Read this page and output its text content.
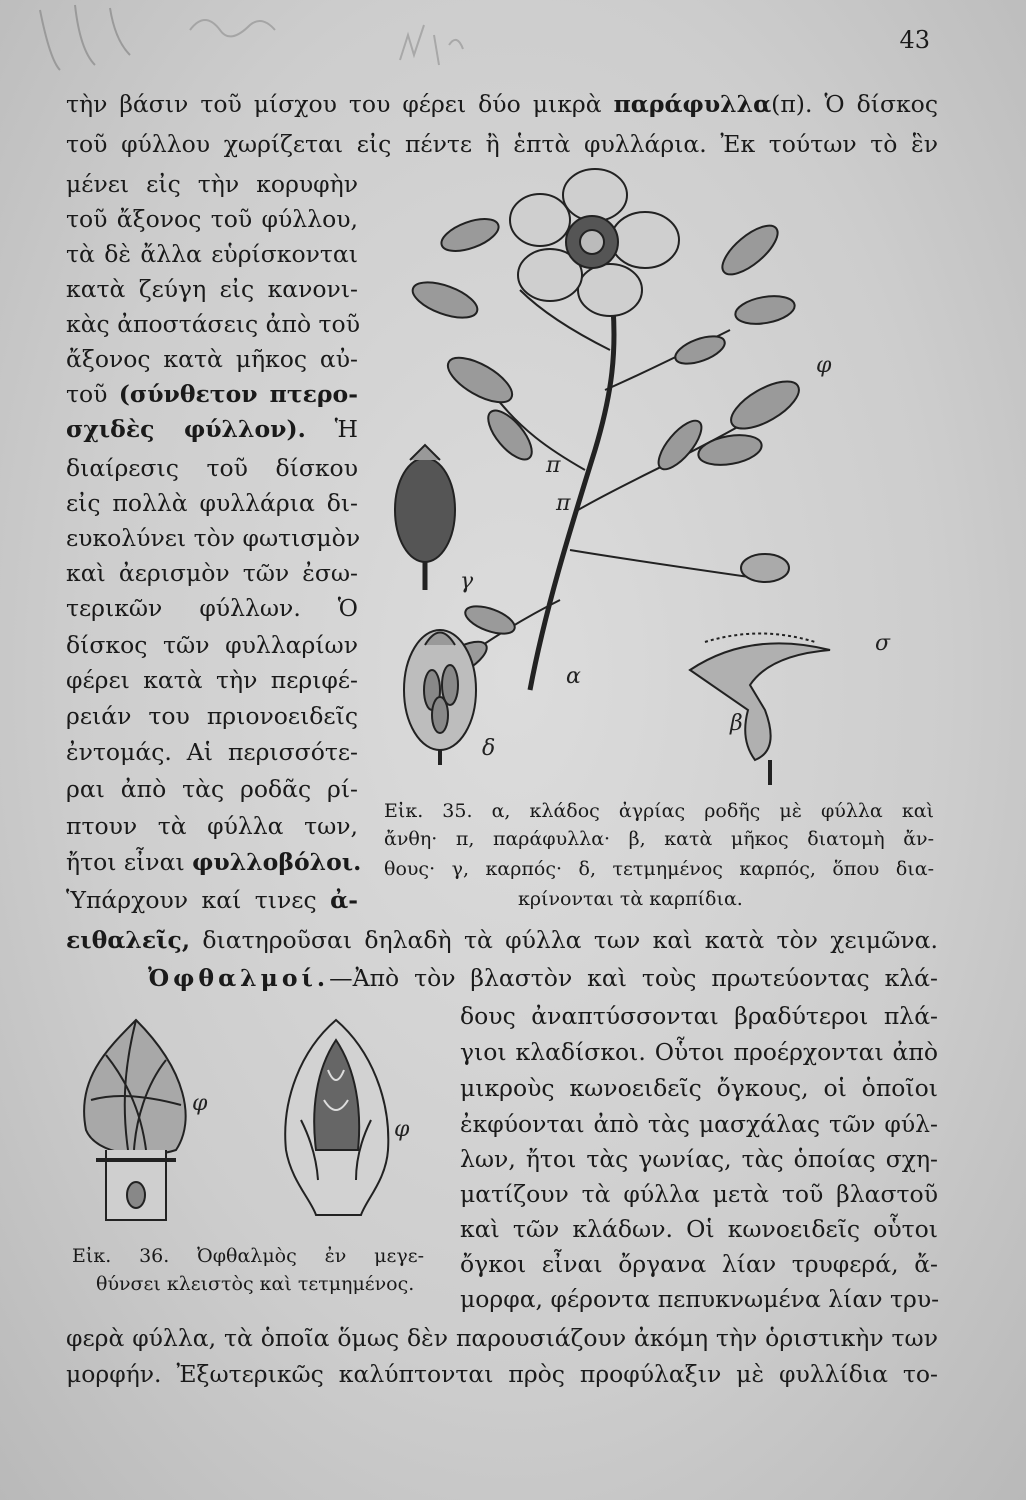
43
τὴν βάσιν τοῦ μίσχου του φέρει δύο μικρὰ παράφυλλα(π). Ὁ δίσκος
τοῦ φύλλου χωρίζεται εἰς πέντε ἢ ἑπτὰ φυλλάρια. Ἐκ τούτων τὸ ἓν
μένει εἰς τὴν κορυφὴν
τοῦ ἄξονος τοῦ φύλλου,
τὰ δὲ ἄλλα εὑρίσκονται
κατὰ ζεύγη εἰς κανονι-
κὰς ἀποστάσεις ἀπὸ τοῦ
ἄξονος κατὰ μῆκος αὐ-
τοῦ (σύνθετον πτερο-
σχιδὲς φύλλον). Ἡ
διαίρεσις τοῦ δίσκου
εἰς πολλὰ φυλλάρια δι-
ευκολύνει τὸν φωτισμὸν
καὶ ἀερισμὸν τῶν ἐσω-
τερικῶν φύλλων. Ὁ
δίσκος τῶν φυλλαρίων
φέρει κατὰ τὴν περιφέ-
ρειάν του πριονοειδεῖς
ἐντομάς. Αἱ περισσότε-
ραι ἀπὸ τὰς ροδᾶς ρί-
πτουν τὰ φύλλα των,
ἤτοι εἶναι φυλλοβόλοι.
Ὑπάρχουν καί τινες ἀ-
φ
π
π
α
β
γ
δ
σ
Εἰκ. 35. α, κλάδος ἀγρίας ροδῆς μὲ φύλλα καὶ
ἄνθη· π, παράφυλλα· β, κατὰ μῆκος διατομὴ ἄν-
θους· γ, καρπός· δ, τετμημένος καρπός, ὅπου δια-
κρίνονται τὰ καρπίδια.
ειθαλεῖς, διατηροῦσαι δηλαδὴ τὰ φύλλα των καὶ κατὰ τὸν χειμῶνα.
Ὀφθαλμοί.—Ἀπὸ τὸν βλαστὸν καὶ τοὺς πρωτεύοντας κλά-
δους ἀναπτύσσονται βραδύτεροι πλά-
γιοι κλαδίσκοι. Οὗτοι προέρχονται ἀπὸ
μικροὺς κωνοειδεῖς ὄγκους, οἱ ὁποῖοι
ἐκφύονται ἀπὸ τὰς μασχάλας τῶν φύλ-
λων, ἤτοι τὰς γωνίας, τὰς ὁποίας σχη-
ματίζουν τὰ φύλλα μετὰ τοῦ βλαστοῦ
καὶ τῶν κλάδων. Οἱ κωνοειδεῖς οὗτοι
ὄγκοι εἶναι ὄργανα λίαν τρυφερά, ἄ-
μορφα, φέροντα πεπυκνωμένα λίαν τρυ-
φ
φ
Εἰκ. 36. Ὀφθαλμὸς ἐν μεγε-
θύνσει κλειστὸς καὶ τετμημένος.
φερὰ φύλλα, τὰ ὁποῖα ὅμως δὲν παρουσιάζουν ἀκόμη τὴν ὁριστικὴν των
μορφήν. Ἐξωτερικῶς καλύπτονται πρὸς προφύλαξιν μὲ φυλλίδια το-
